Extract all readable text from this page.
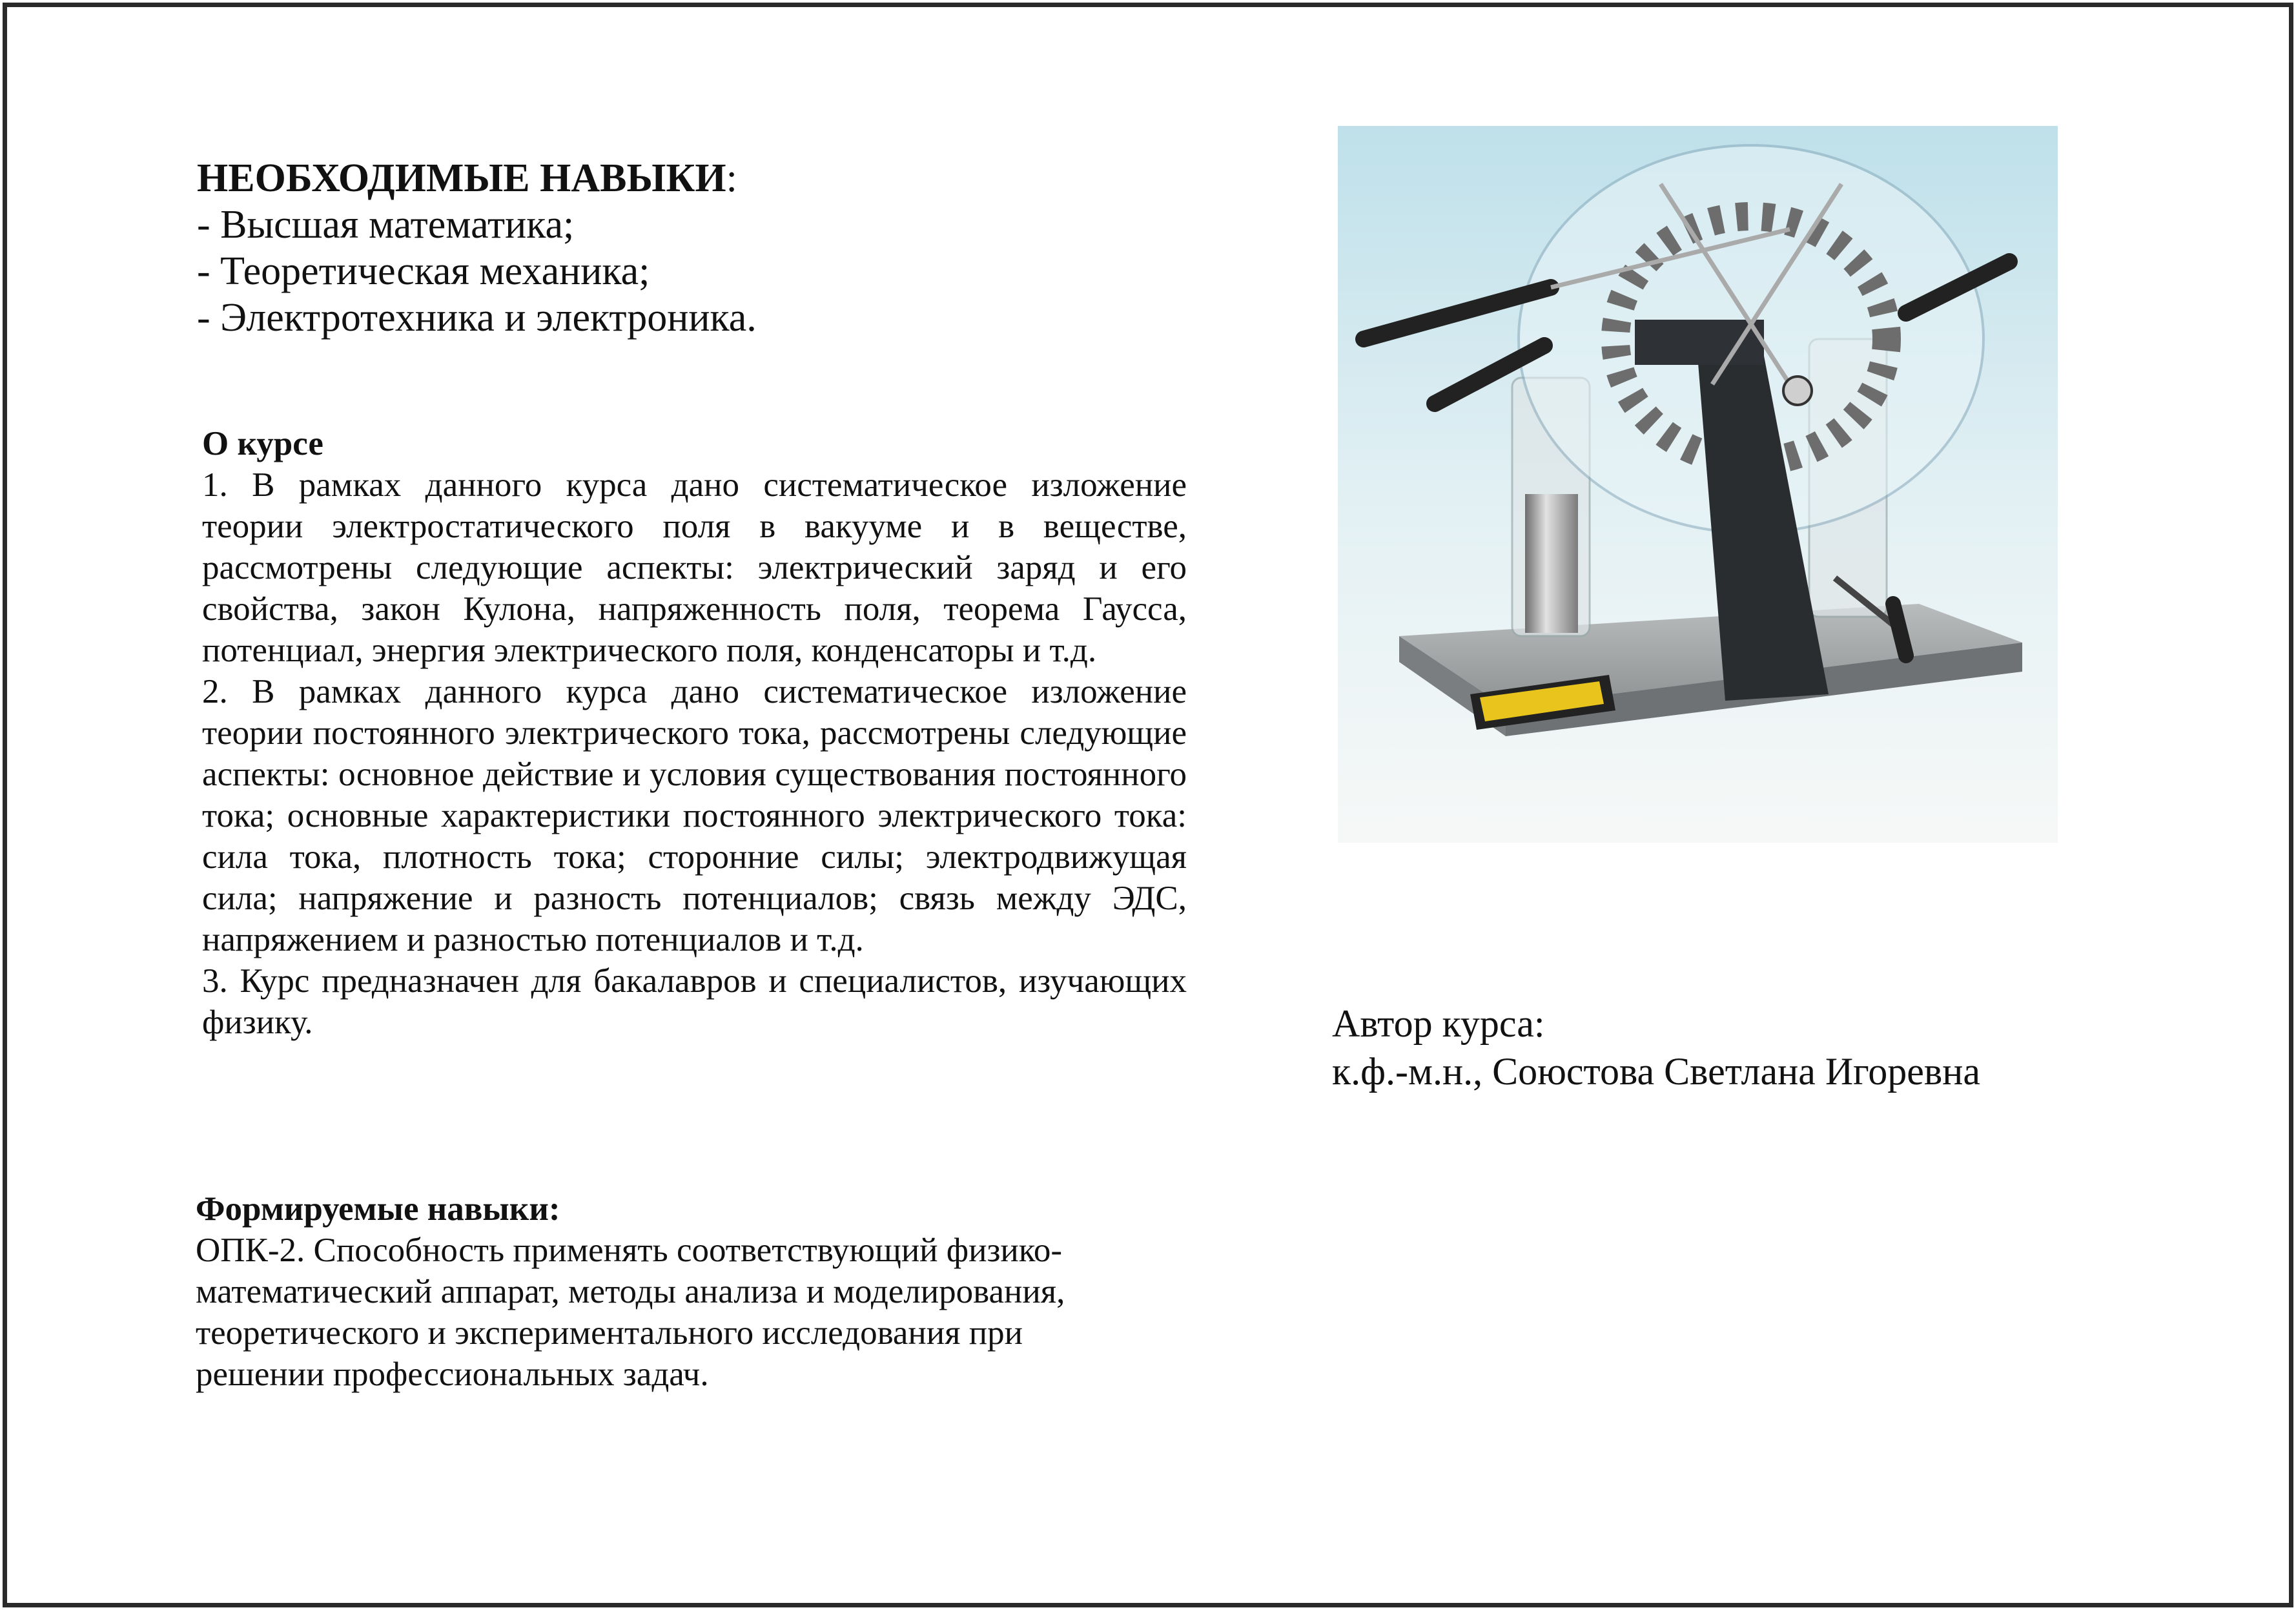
НЕОБХОДИМЫЕ НАВЫКИ:
- Высшая математика;
- Теоретическая механика;
- Электротехника и электроника.
О курсе

1. В рамках данного курса дано систематическое изложение теории электростатического поля в вакууме и в веществе, рассмотрены следующие аспекты: электрический заряд и его свойства, закон Кулона, напряженность поля, теорема Гаусса, потенциал, энергия электрического поля, конденсаторы и т.д.

2. В рамках данного курса дано систематическое изложение теории постоянного электрического тока, рассмотрены следующие аспекты: основное действие и условия существования постоянного тока; основные характеристики постоянного электрического тока: сила тока, плотность тока; сторонние силы; электродвижущая сила; напряжение и разность потенциалов; связь между ЭДС, напряжением и разностью потенциалов и т.д.

3. Курс предназначен для бакалавров и специалистов, изучающих физику.

Формируемые навыки:
ОПК-2. Способность применять соответствующий физико-
математический аппарат, методы анализа и моделирования,
теоретического и экспериментального исследования при
решении профессиональных задач.
Автор курса:
к.ф.-м.н., Союстова Светлана Игоревна
